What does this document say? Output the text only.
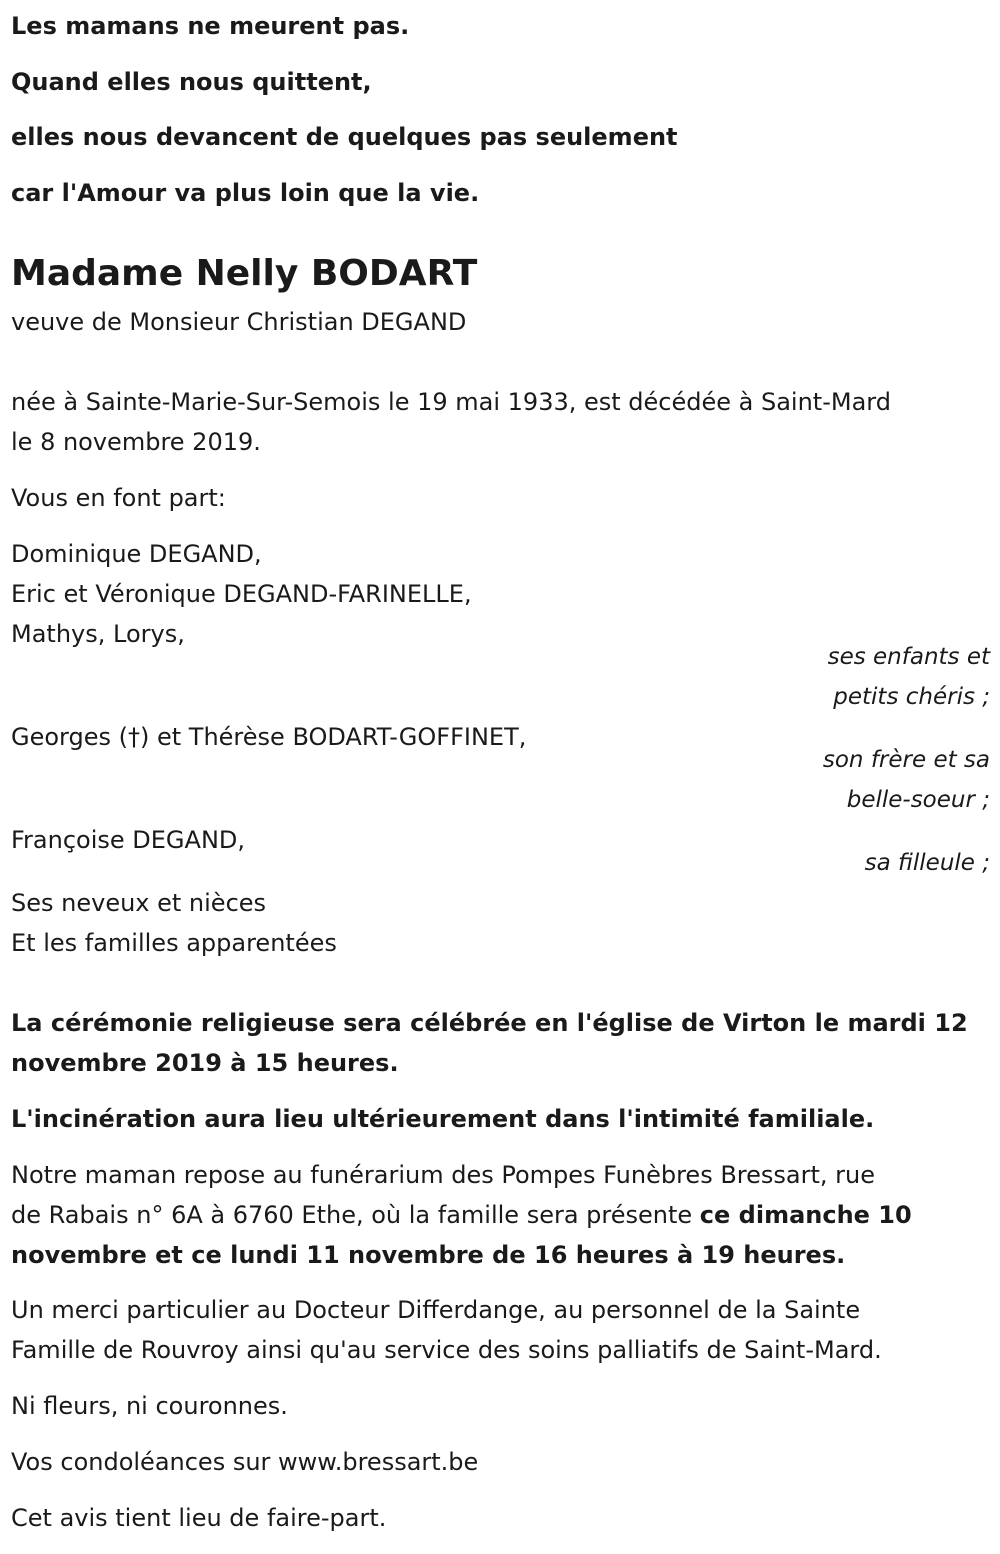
Les mamans ne meurent pas.

Quand elles nous quittent,

elles nous devancent de quelques pas seulement

car l'Amour va plus loin que la vie.

Madame Nelly BODART

veuve de Monsieur Christian DEGAND

née à Sainte-Marie-Sur-Semois le 19 mai 1933, est décédée à Saint-Mard

le 8 novembre 2019.

Vous en font part:

Dominique DEGAND,

Eric et Véronique DEGAND-FARINELLE,

Mathys, Lorys,

ses enfants et

petits chéris ;

Georges (†) et Thérèse BODART-GOFFINET,

son frère et sa

belle-soeur ;

Françoise DEGAND,

sa filleule ;

Ses neveux et nièces

Et les familles apparentées

La cérémonie religieuse sera célébrée en l'église de Virton le mardi 12

novembre 2019 à 15 heures.

L'incinération aura lieu ultérieurement dans l'intimité familiale.

Notre maman repose au funérarium des Pompes Funèbres Bressart, rue

de Rabais n° 6A à 6760 Ethe, où la famille sera présente ce dimanche 10

novembre et ce lundi 11 novembre de 16 heures à 19 heures.

Un merci particulier au Docteur Differdange, au personnel de la Sainte

Famille de Rouvroy ainsi qu'au service des soins palliatifs de Saint-Mard.

Ni fleurs, ni couronnes.

Vos condoléances sur www.bressart.be

Cet avis tient lieu de faire-part.
